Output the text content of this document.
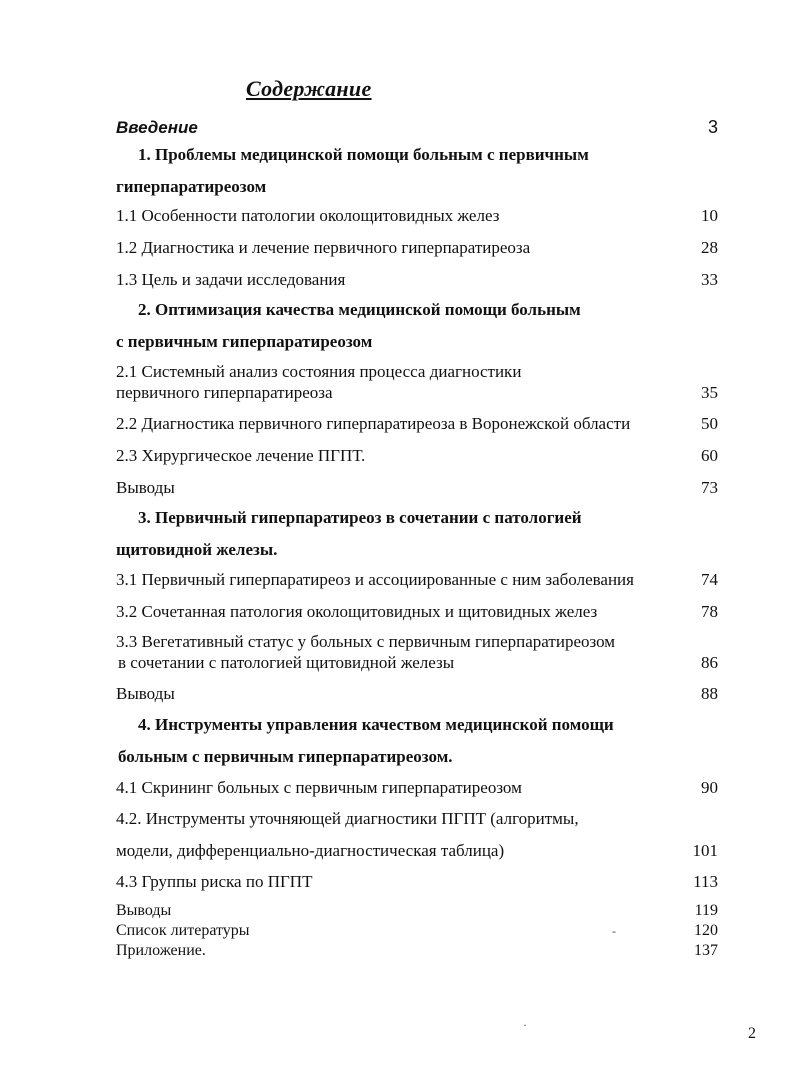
Содержание
Введение	3
1. Проблемы медицинской помощи больным с первичным
гиперпаратиреозом
1.1 Особенности патологии околощитовидных желез	10
1.2 Диагностика и лечение первичного гиперпаратиреоза	28
1.3 Цель и задачи исследования	33
2. Оптимизация качества медицинской помощи больным
с первичным гиперпаратиреозом
2.1 Системный анализ состояния процесса диагностики
первичного гиперпаратиреоза	35
2.2 Диагностика первичного гиперпаратиреоза в Воронежской области	50
2.3 Хирургическое лечение ПГПТ.	60
Выводы	73
3. Первичный гиперпаратиреоз в сочетании с патологией
щитовидной железы.
3.1 Первичный гиперпаратиреоз и ассоциированные с ним заболевания	74
3.2 Сочетанная патология околощитовидных и щитовидных желез	78
3.3 Вегетативный статус у больных с первичным гиперпаратиреозом
в сочетании с патологией щитовидной железы	86
Выводы	88
4. Инструменты управления качеством медицинской помощи
больным с первичным гиперпаратиреозом.
4.1 Скрининг больных с первичным гиперпаратиреозом	90
4.2. Инструменты уточняющей диагностики ПГПТ (алгоритмы,
модели, дифференциально-диагностическая таблица)	101
4.3 Группы риска по ПГПТ	113
Выводы	119
Список литературы	-	120
Приложение.	137
·	2
